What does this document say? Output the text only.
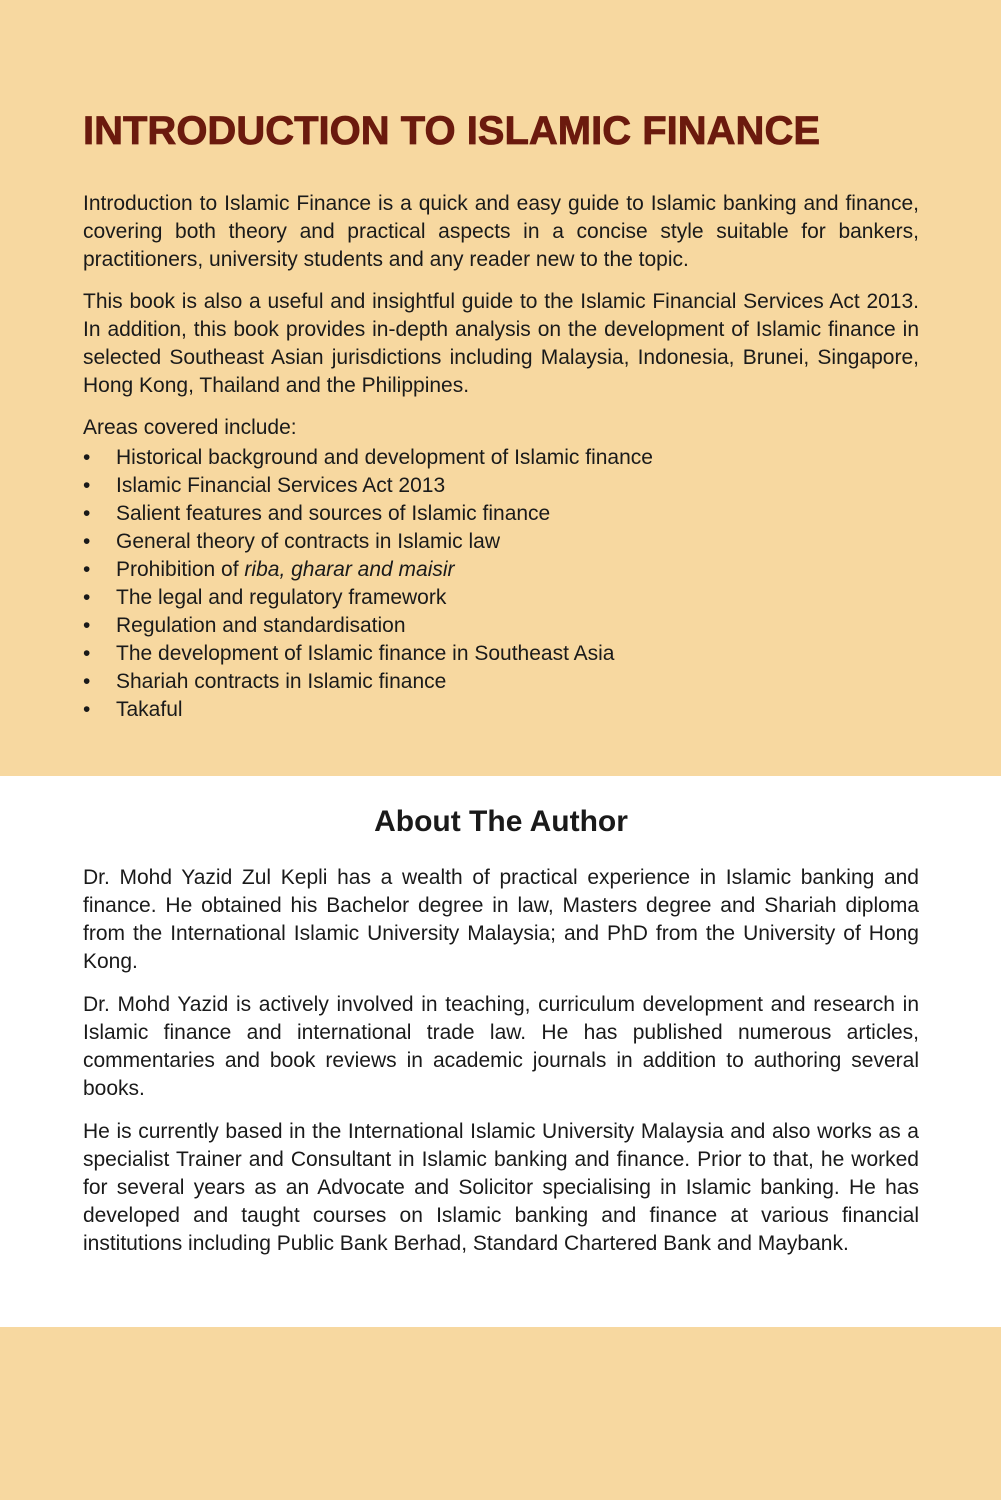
INTRODUCTION TO ISLAMIC FINANCE

Introduction to Islamic Finance is a quick and easy guide to Islamic banking and finance, covering both theory and practical aspects in a concise style suitable for bankers, practitioners, university students and any reader new to the topic.

This book is also a useful and insightful guide to the Islamic Financial Services Act 2013. In addition, this book provides in-depth analysis on the development of Islamic finance in selected Southeast Asian jurisdictions including Malaysia, Indonesia, Brunei, Singapore, Hong Kong, Thailand and the Philippines.

Areas covered include:

•	Historical background and development of Islamic finance
•	Islamic Financial Services Act 2013
•	Salient features and sources of Islamic finance
•	General theory of contracts in Islamic law
•	Prohibition of riba, gharar and maisir
•	The legal and regulatory framework
•	Regulation and standardisation
•	The development of Islamic finance in Southeast Asia
•	Shariah contracts in Islamic finance
•	Takaful
About The Author

Dr. Mohd Yazid Zul Kepli has a wealth of practical experience in Islamic banking and finance. He obtained his Bachelor degree in law, Masters degree and Shariah diploma from the International Islamic University Malaysia; and PhD from the University of Hong Kong.

Dr. Mohd Yazid is actively involved in teaching, curriculum development and research in Islamic finance and international trade law. He has published numerous articles, commentaries and book reviews in academic journals in addition to authoring several books.

He is currently based in the International Islamic University Malaysia and also works as a specialist Trainer and Consultant in Islamic banking and finance. Prior to that, he worked for several years as an Advocate and Solicitor specialising in Islamic banking. He has developed and taught courses on Islamic banking and finance at various financial institutions including Public Bank Berhad, Standard Chartered Bank and Maybank.
